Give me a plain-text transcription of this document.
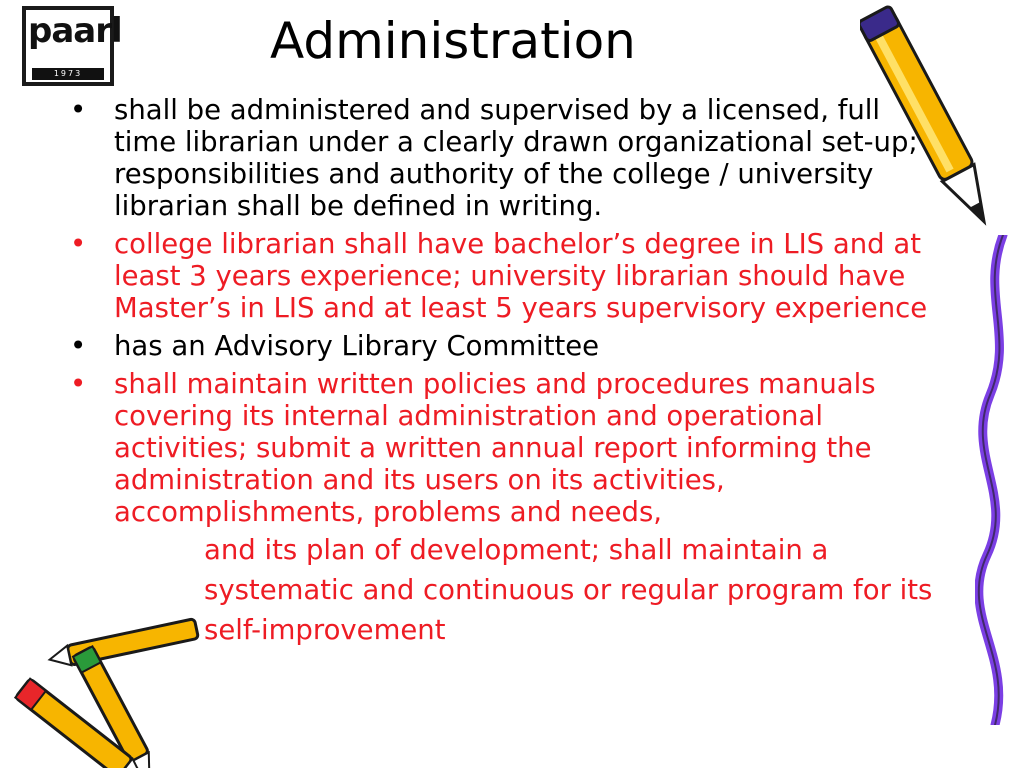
paarl
1973
Administration
• shall be administered and supervised by a licensed, full time librarian under a clearly drawn organizational set-up; responsibilities and authority of the college / university librarian shall be defined in writing.
• college librarian shall have bachelor’s degree in LIS and at least 3 years experience; university librarian should have Master’s in LIS and at least 5 years supervisory experience
• has an Advisory Library Committee
• shall maintain written policies and procedures manuals covering its internal administration and operational activities; submit a written annual report informing the administration and its users on its activities, accomplishments, problems and needs,
and its plan of development; shall maintain a systematic and continuous or regular program for its self-improvement
